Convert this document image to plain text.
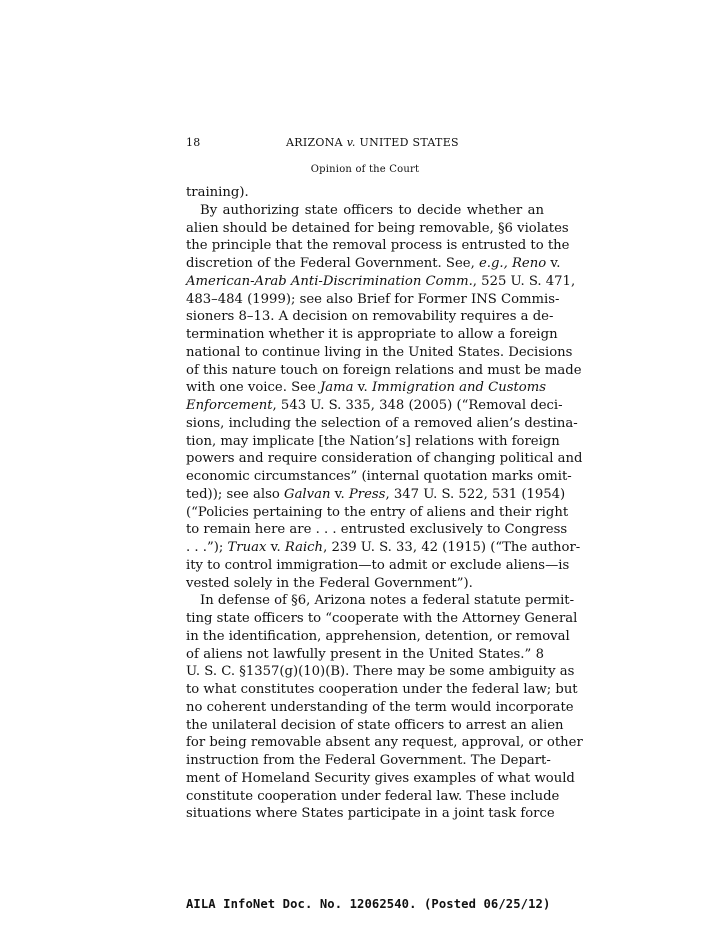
18	ARIZONA v. UNITED STATES
Opinion of the Court
training).
By authorizing state officers to decide whether an
alien should be detained for being removable, §6 violates
the principle that the removal process is entrusted to the
discretion of the Federal Government. See, e.g., Reno v.
American-Arab Anti-Discrimination Comm., 525 U. S. 471,
483–484 (1999); see also Brief for Former INS Commis-
sioners 8–13. A decision on removability requires a de-
termination whether it is appropriate to allow a foreign
national to continue living in the United States. Decisions
of this nature touch on foreign relations and must be made
with one voice. See Jama v. Immigration and Customs
Enforcement, 543 U. S. 335, 348 (2005) (“Removal deci-
sions, including the selection of a removed alien’s destina-
tion, may implicate [the Nation’s] relations with foreign
powers and require consideration of changing political and
economic circumstances” (internal quotation marks omit-
ted)); see also Galvan v. Press, 347 U. S. 522, 531 (1954)
(“Policies pertaining to the entry of aliens and their right
to remain here are . . . entrusted exclusively to Congress
. . .”); Truax v. Raich, 239 U. S. 33, 42 (1915) (“The author-
ity to control immigration—to admit or exclude aliens—is
vested solely in the Federal Government”).
In defense of §6, Arizona notes a federal statute permit-
ting state officers to “cooperate with the Attorney General
in the identification, apprehension, detention, or removal
of aliens not lawfully present in the United States.” 8
U. S. C. §1357(g)(10)(B). There may be some ambiguity as
to what constitutes cooperation under the federal law; but
no coherent understanding of the term would incorporate
the unilateral decision of state officers to arrest an alien
for being removable absent any request, approval, or other
instruction from the Federal Government. The Depart-
ment of Homeland Security gives examples of what would
constitute cooperation under federal law. These include
situations where States participate in a joint task force
AILA InfoNet Doc. No. 12062540. (Posted 06/25/12)
